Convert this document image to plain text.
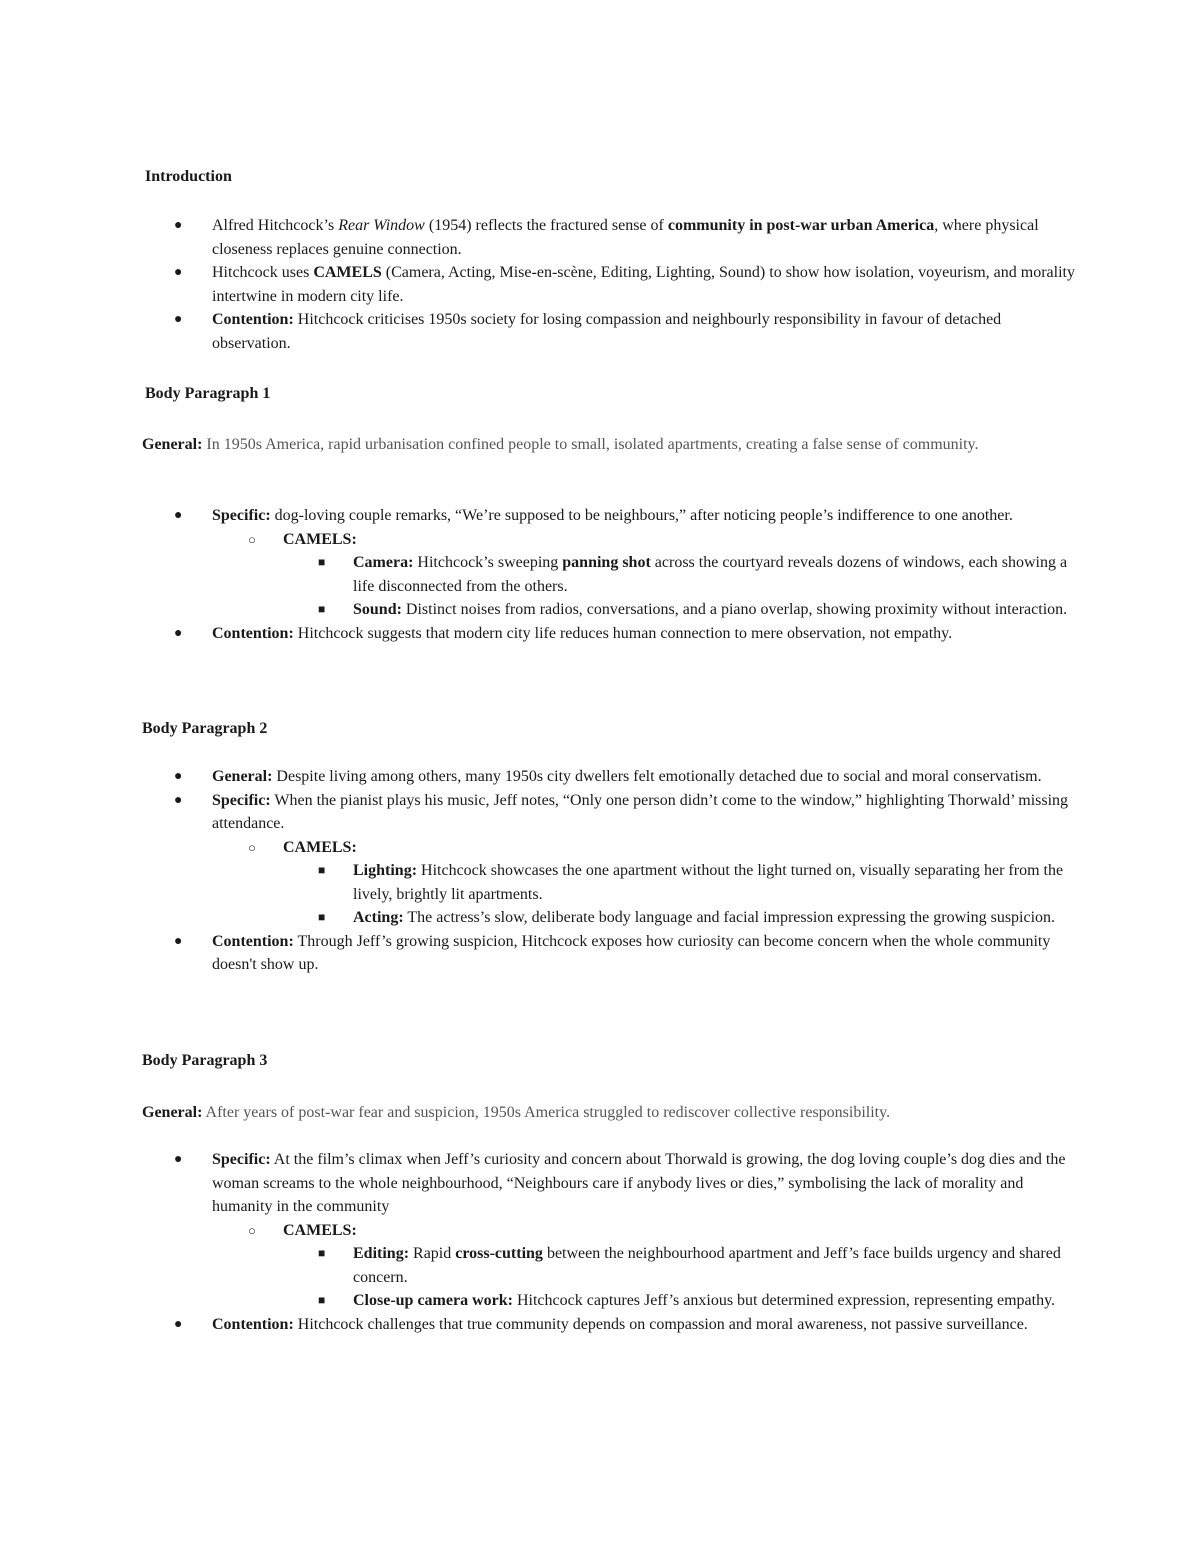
Introduction
● Alfred Hitchcock’s Rear Window (1954) reflects the fractured sense of community in post-war urban America, where physical closeness replaces genuine connection.
● Hitchcock uses CAMELS (Camera, Acting, Mise-en-scène, Editing, Lighting, Sound) to show how isolation, voyeurism, and morality intertwine in modern city life.
● Contention: Hitchcock criticises 1950s society for losing compassion and neighbourly responsibility in favour of detached observation.
Body Paragraph 1

General: In 1950s America, rapid urbanisation confined people to small, isolated apartments, creating a false sense of community.

● Specific: dog-loving couple remarks, “We’re supposed to be neighbours,” after noticing people’s indifference to one another.
○ CAMELS:
■ Camera: Hitchcock’s sweeping panning shot across the courtyard reveals dozens of windows, each showing a life disconnected from the others.
■ Sound: Distinct noises from radios, conversations, and a piano overlap, showing proximity without interaction.
● Contention: Hitchcock suggests that modern city life reduces human connection to mere observation, not empathy.
Body Paragraph 2
● General: Despite living among others, many 1950s city dwellers felt emotionally detached due to social and moral conservatism.
● Specific: When the pianist plays his music, Jeff notes, “Only one person didn’t come to the window,” highlighting Thorwald’ missing attendance.
○ CAMELS:
■ Lighting: Hitchcock showcases the one apartment without the light turned on, visually separating her from the lively, brightly lit apartments.
■ Acting: The actress’s slow, deliberate body language and facial impression expressing the growing suspicion.
● Contention: Through Jeff’s growing suspicion, Hitchcock exposes how curiosity can become concern when the whole community doesn't show up.
Body Paragraph 3

General: After years of post-war fear and suspicion, 1950s America struggled to rediscover collective responsibility.

● Specific: At the film’s climax when Jeff’s curiosity and concern about Thorwald is growing, the dog loving couple’s dog dies and the woman screams to the whole neighbourhood, “Neighbours care if anybody lives or dies,” symbolising the lack of morality and humanity in the community
○ CAMELS:
■ Editing: Rapid cross-cutting between the neighbourhood apartment and Jeff’s face builds urgency and shared concern.
■ Close-up camera work: Hitchcock captures Jeff’s anxious but determined expression, representing empathy.
● Contention: Hitchcock challenges that true community depends on compassion and moral awareness, not passive surveillance.
